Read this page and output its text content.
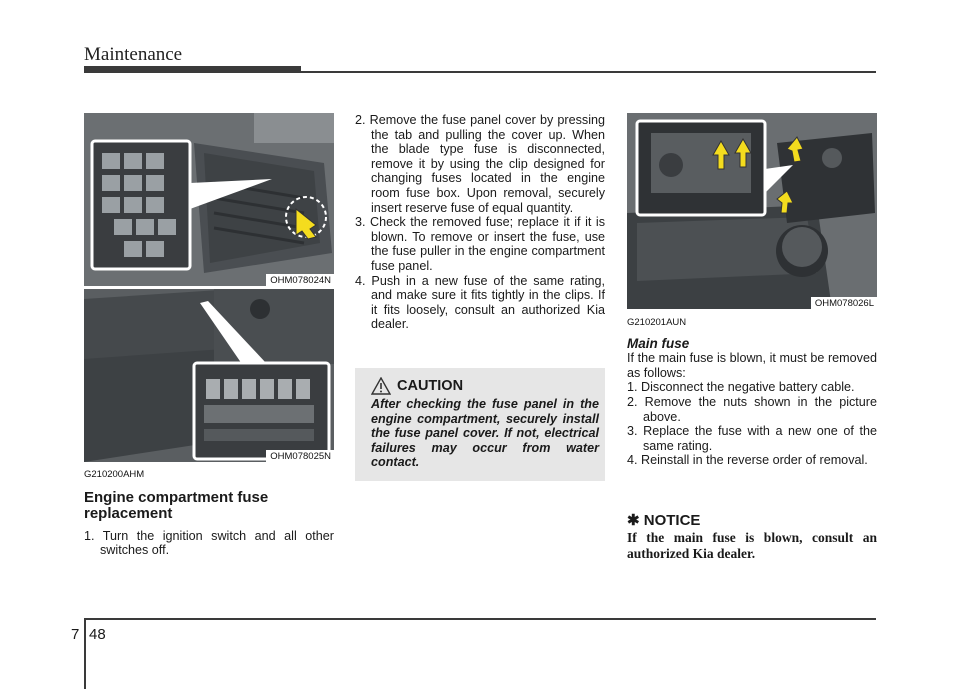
Maintenance
OHM078024N
OHM078025N
OHM078026L
G210200AHM
Engine compartment fuse replacement
1. Turn the ignition switch and all other switches off.
2. Remove the fuse panel cover by pressing the tab and pulling the cover up. When the blade type fuse is disconnected, remove it by using the clip designed for changing fuses located in the engine room fuse box. Upon removal, securely insert reserve fuse of equal quantity.
3. Check the removed fuse; replace it if it is blown. To remove or insert the fuse, use the fuse puller in the engine compartment fuse panel.
4. Push in a new fuse of the same rating, and make sure it fits tightly in the clips. If it fits loosely, consult an authorized Kia dealer.
CAUTION
After checking the fuse panel in the engine compartment, securely install the fuse panel cover. If not, electrical failures may occur from water contact.
G210201AUN
Main fuse
If the main fuse is blown, it must be removed as follows:
1. Disconnect the negative battery cable.
2. Remove the nuts shown in the picture above.
3. Replace the fuse with a new one of the same rating.
4. Reinstall in the reverse order of removal.
✱ NOTICE
If the main fuse is blown, consult an authorized Kia dealer.
7 48
